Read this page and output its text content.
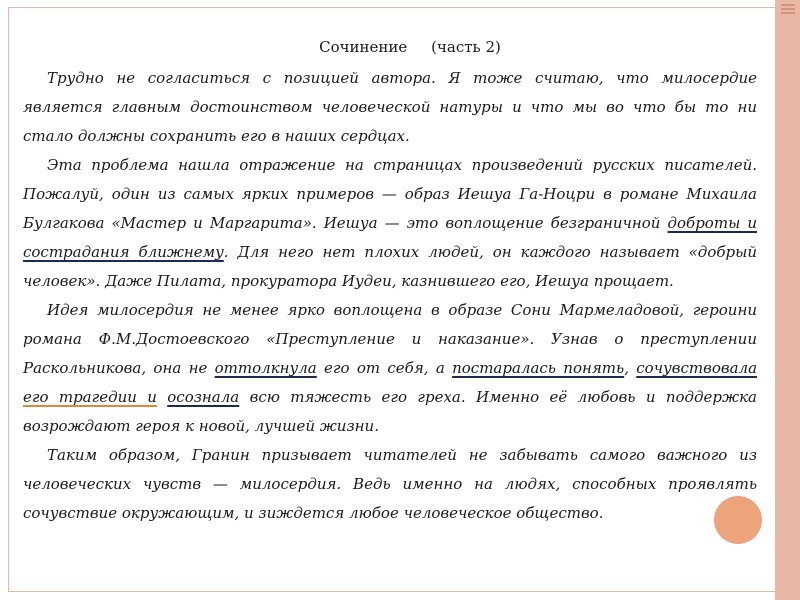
Сочинение     (часть 2)

Трудно не согласиться с позицией автора. Я тоже считаю, что милосердие является главным достоинством человеческой натуры и что мы во что бы то ни стало должны сохранить его в наших сердцах.

Эта проблема нашла отражение на страницах произведений русских писателей. Пожалуй, один из самых ярких примеров — образ Иешуа Га-Ноцри в романе Михаила Булгакова «Мастер и Маргарита». Иешуа — это воплощение безграничной доброты и сострадания ближнему. Для него нет плохих людей, он каждого называет «добрый человек». Даже Пилата, прокуратора Иудеи, казнившего его, Иешуа прощает.

Идея милосердия не менее ярко воплощена в образе Сони Мармеладовой, героини романа Ф.М.Достоевского «Преступление и наказание». Узнав о преступлении Раскольникова, она не оттолкнула его от себя, а постаралась понять, сочувствовала его трагедии и осознала всю тяжесть его греха. Именно её любовь и поддержка возрождают героя к новой, лучшей жизни.

Таким образом, Гранин призывает читателей не забывать самого важного из человеческих чувств — милосердия. Ведь именно на людях, способных проявлять сочувствие окружающим, и зиждется любое человеческое общество.
